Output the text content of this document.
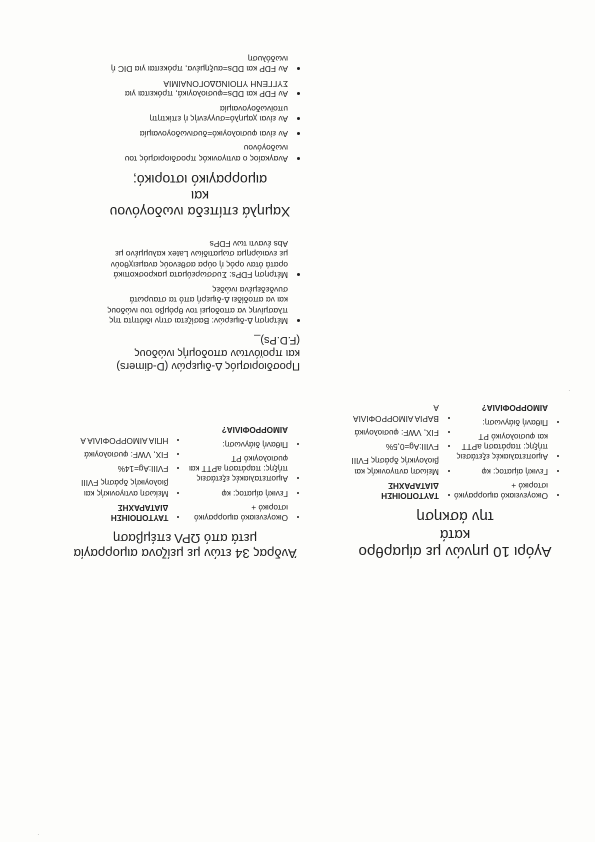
Προσδιορισμός Δ-διμερών (D-dimers) και προϊόντων αποδομής ινώδους (F.D.Ps)_
• Μέτρηση Δ-διμερών: Βασίζεται στην ιδιότητα της πλασμίνης να αποδομεί τον θρόμβο του ινώδους και να αποδίδει Δ-διμερή από τα σταυρωτά συνδεδεμένα ινώδες
• Μέτρηση FDPs: Συσσωρεύματα μακροσκοπικά ορατά όταν ορός ή ούρα ασθενούς αναμειχθούν με εναιώρημα σωματιδίων Latex καλυμμένο με Abs έναντι των FDPs
Χαμηλά επίπεδα ινωδογόνου και
αιμορραγικό ιστορικό;
• Αναγκαίος ο αντιγονικός προσδιορισμός του ινωδογόνου
• Αν είναι φυσιολογικό=δυσινωδογοναιμία
• Αν είναι χαμηλό=συγγενής ή επίκτητη υποϊνωδογοναιμία
• Αν FDP και DDs=φυσιολογικά, πρόκειται για ΣΥΓΓΕΝΗ ΥΠΟΙΝΩΔΟΓΟΝΑΙΜΙΑ
• Αν FDP και DDs=αυξημένα, πρόκειται για DIC ή ινωδόλυση
Αγόρι 10 μηνών με αίμαρθρο κατά
την άσκηση
• Οικογενειακό αιμορραγικό ιστορικό +
• Γενική αίματος: κφ
• Αιμοπεταλιακές εξετάσεις πήξης: παράταση aPTT και φυσιολογικό PT
• Πιθανή διάγνωση:
ΑΙΜΟΡΡΟΦΙΛΙΑ?
• ΤΑΥΤΟΠΟΙΗΣΗ ΔΙΑΤΑΡΑΧΗΣ
• Μείωση αντιγονικής και βιολογικής δράσης FVIII
• FVIII:Ag=0,5%
• FIX, VWF: φυσιολογικά
• ΒΑΡΙΑ ΑΙΜΟΡΡΟΦΙΛΙΑ Α
Άνδρας 34 ετών με μείζονα αιμορραγία
μετά από ΩΡΛ επέμβαση
• Οικογενειακό αιμορραγικό ιστορικό +
• Γενική αίματος: κφ
• Αιμοπεταλιακές εξετάσεις πήξης: παράταση aPTT και φυσιολογικό PT
• Πιθανή διάγνωση:
ΑΙΜΟΡΡΟΦΙΛΙΑ?
• ΤΑΥΤΟΠΟΙΗΣΗ ΔΙΑΤΑΡΑΧΗΣ
• Μείωση αντιγονικής και βιολογικής δράσης FVIII
• FVIII:Ag=14%
• FIX, VWF: φυσιολογικά
• ΗΠΙΑ ΑΙΜΟΡΡΟΦΙΛΙΑ Α
·
·
